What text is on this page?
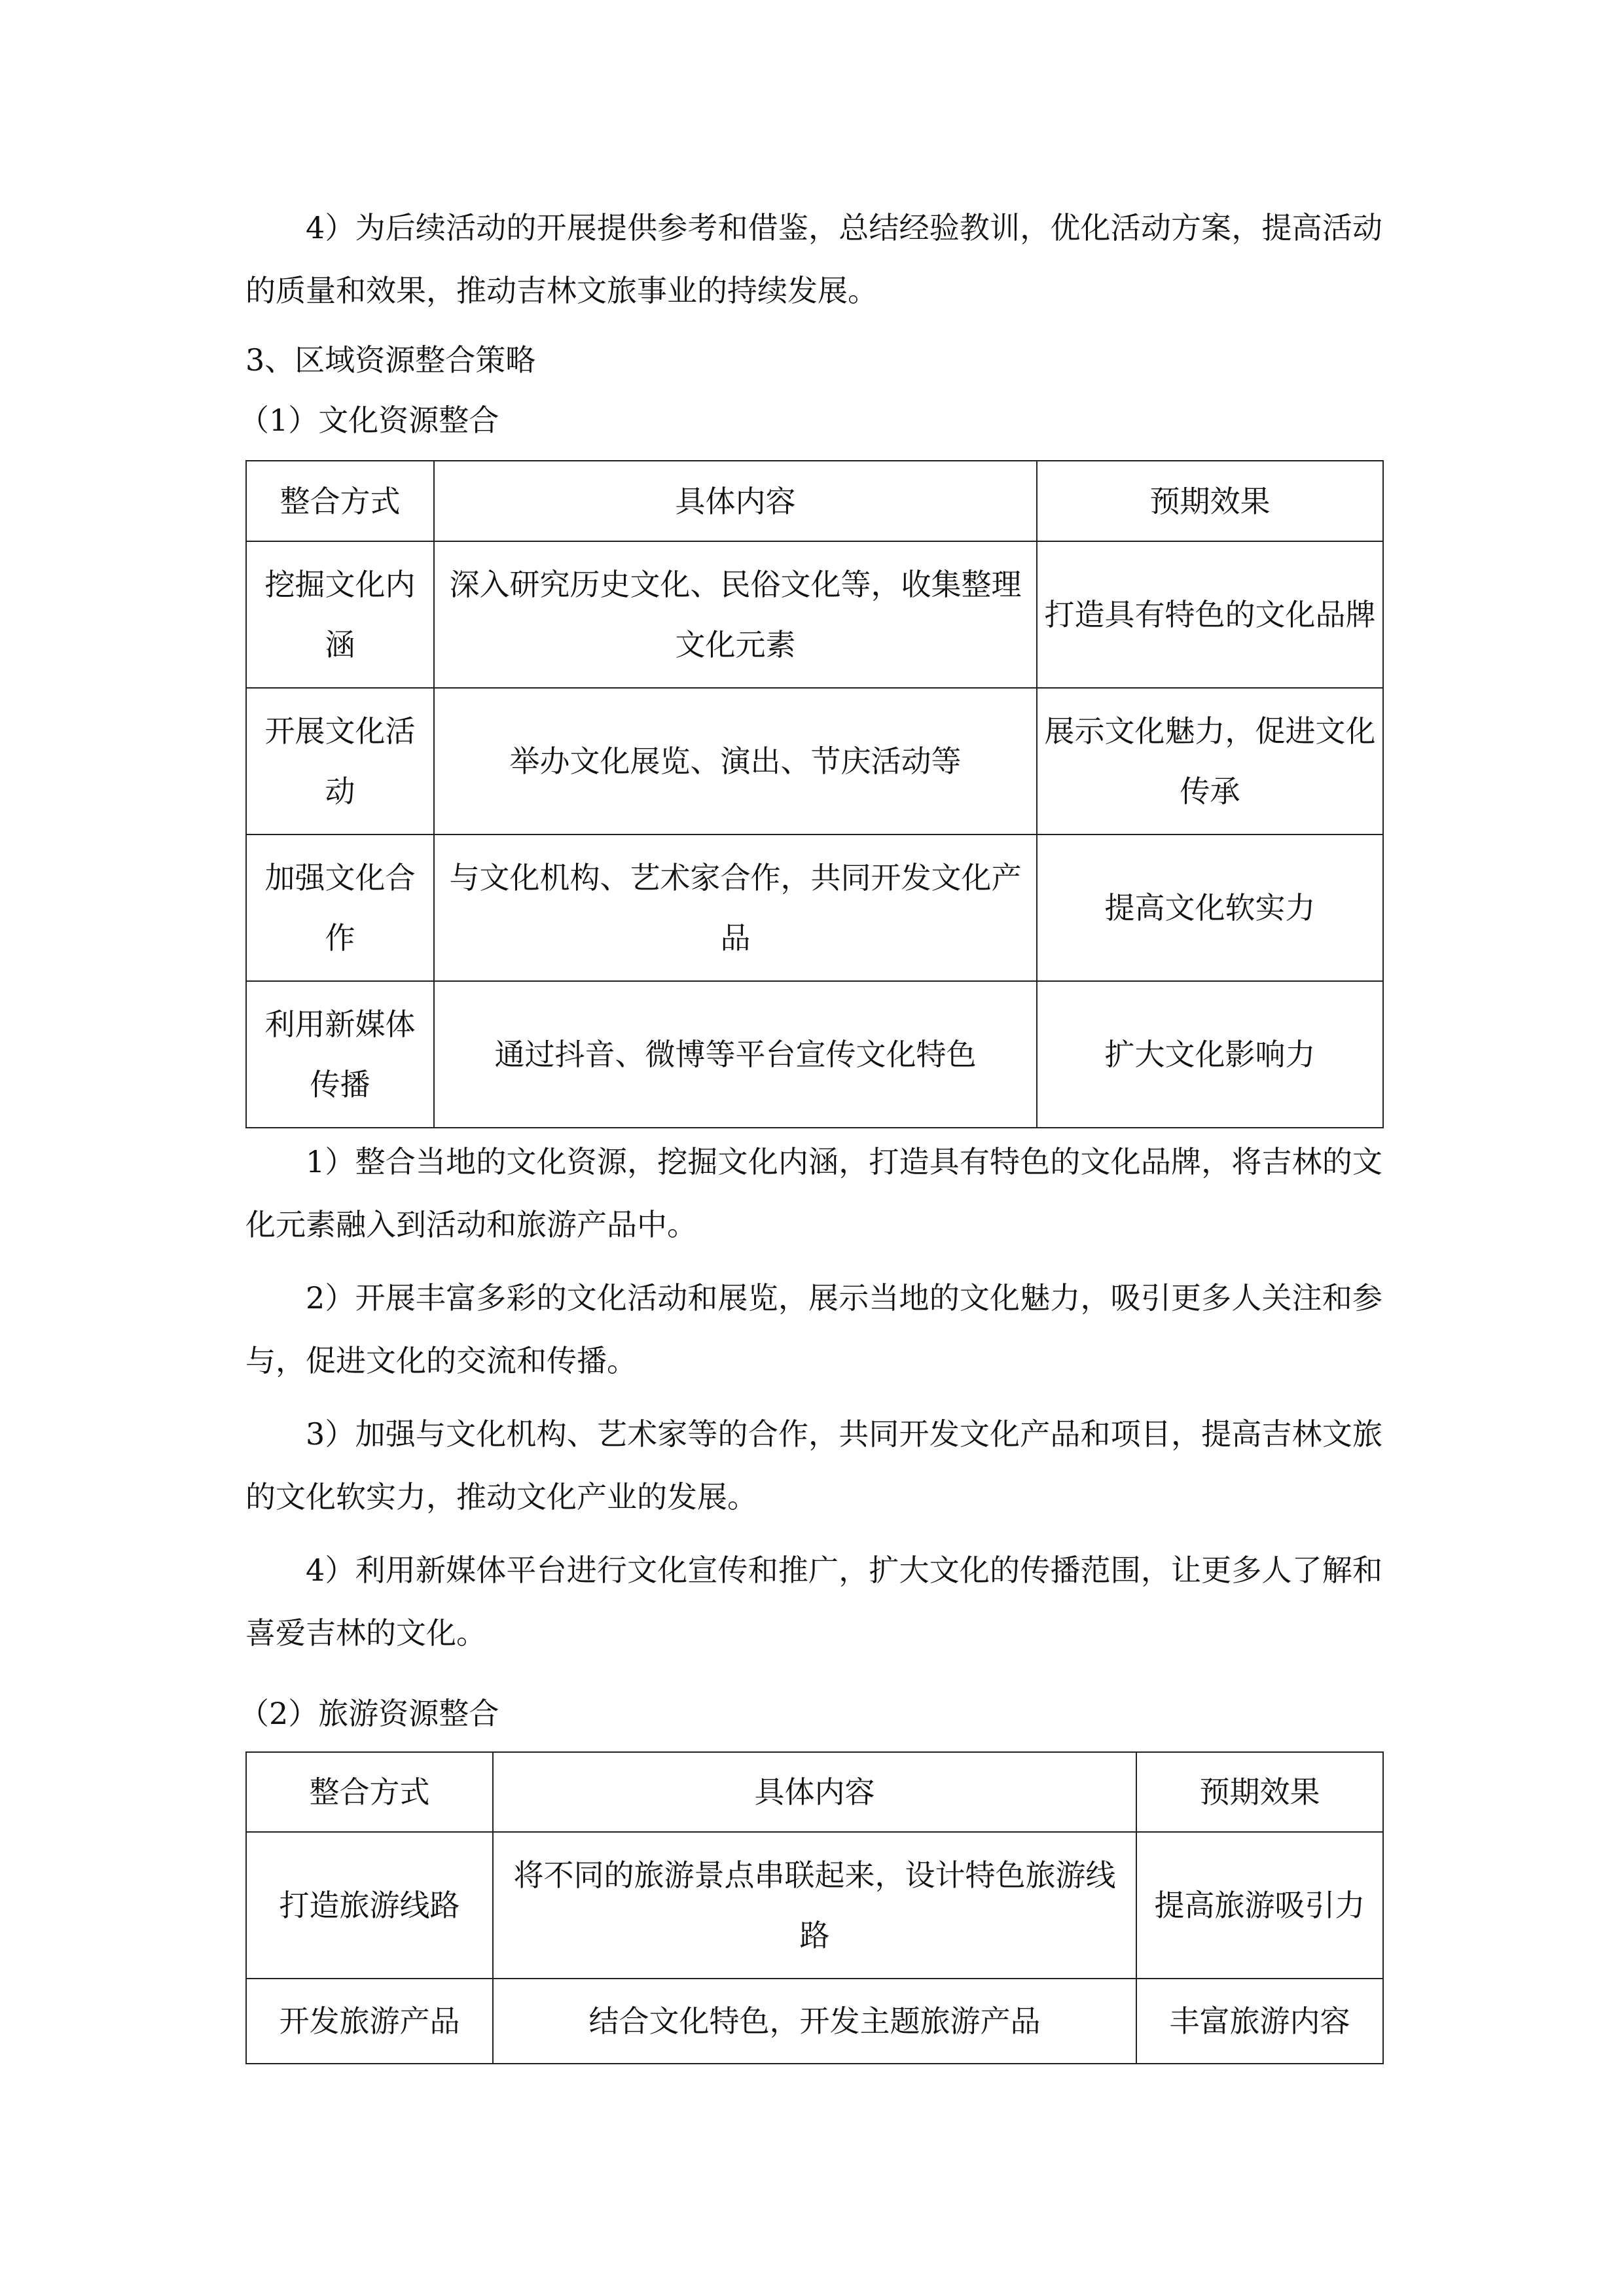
4）为后续活动的开展提供参考和借鉴，总结经验教训，优化活动方案，提高活动的质量和效果，推动吉林文旅事业的持续发展。

3、区域资源整合策略
（1）文化资源整合
整合方式	具体内容	预期效果
挖掘文化内涵	深入研究历史文化、民俗文化等，收集整理文化元素	打造具有特色的文化品牌
开展文化活动	举办文化展览、演出、节庆活动等	展示文化魅力，促进文化传承
加强文化合作	与文化机构、艺术家合作，共同开发文化产品	提高文化软实力
利用新媒体传播	通过抖音、微博等平台宣传文化特色	扩大文化影响力

1）整合当地的文化资源，挖掘文化内涵，打造具有特色的文化品牌，将吉林的文化元素融入到活动和旅游产品中。

2）开展丰富多彩的文化活动和展览，展示当地的文化魅力，吸引更多人关注和参与，促进文化的交流和传播。

3）加强与文化机构、艺术家等的合作，共同开发文化产品和项目，提高吉林文旅的文化软实力，推动文化产业的发展。

4）利用新媒体平台进行文化宣传和推广，扩大文化的传播范围，让更多人了解和喜爱吉林的文化。

（2）旅游资源整合
整合方式	具体内容	预期效果
打造旅游线路	将不同的旅游景点串联起来，设计特色旅游线路	提高旅游吸引力
开发旅游产品	结合文化特色，开发主题旅游产品	丰富旅游内容
